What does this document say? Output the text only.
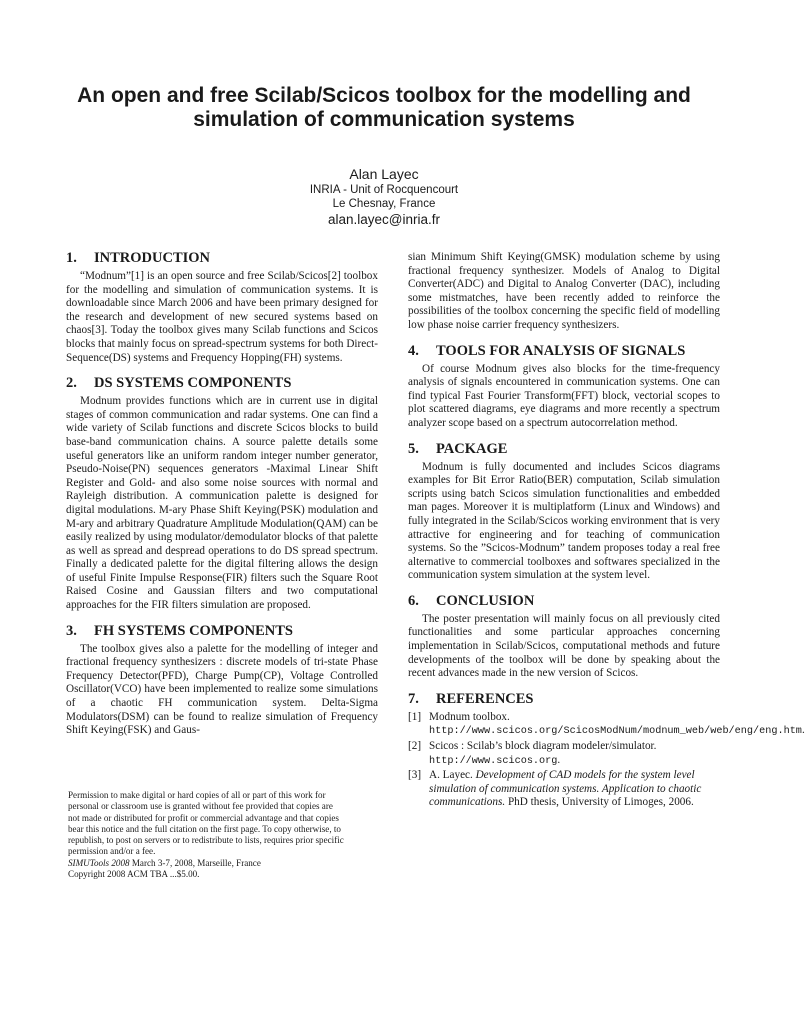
An open and free Scilab/Scicos toolbox for the modelling and simulation of communication systems
Alan Layec
INRIA - Unit of Rocquencourt
Le Chesnay, France
alan.layec@inria.fr
1. INTRODUCTION

“Modnum”[1] is an open source and free Scilab/Scicos[2] toolbox for the modelling and simulation of communication systems. It is downloadable since March 2006 and have been primary designed for the research and development of new secured systems based on chaos[3]. Today the toolbox gives many Scilab functions and Scicos blocks that mainly focus on spread-spectrum systems for both Direct-Sequence(DS) systems and Frequency Hopping(FH) systems.

2. DS SYSTEMS COMPONENTS

Modnum provides functions which are in current use in digital stages of common communication and radar systems. One can find a wide variety of Scilab functions and discrete Scicos blocks to build base-band communication chains. A source palette details some useful generators like an uniform random integer number generator, Pseudo-Noise(PN) sequences generators -Maximal Linear Shift Register and Gold- and also some noise sources with normal and Rayleigh distribution. A communication palette is designed for digital modulations. M-ary Phase Shift Keying(PSK) modulation and M-ary and arbitrary Quadrature Amplitude Modulation(QAM) can be easily realized by using modulator/demodulator blocks of that palette as well as spread and despread operations to do DS spread spectrum. Finally a dedicated palette for the digital filtering allows the design of useful Finite Impulse Response(FIR) filters such the Square Root Raised Cosine and Gaussian filters and two computational approaches for the FIR filters simulation are proposed.

3. FH SYSTEMS COMPONENTS

The toolbox gives also a palette for the modelling of integer and fractional frequency synthesizers : discrete models of tri-state Phase Frequency Detector(PFD), Charge Pump(CP), Voltage Controlled Oscillator(VCO) have been implemented to realize some simulations of a chaotic FH communication system. Delta-Sigma Modulators(DSM) can be found to realize simulation of Frequency Shift Keying(FSK) and Gaus-

Permission to make digital or hard copies of all or part of this work for
personal or classroom use is granted without fee provided that copies are
not made or distributed for profit or commercial advantage and that copies
bear this notice and the full citation on the first page. To copy otherwise, to
republish, to post on servers or to redistribute to lists, requires prior specific
permission and/or a fee.
SIMUTools 2008 March 3-7, 2008, Marseille, France
Copyright 2008 ACM TBA ...$5.00.

sian Minimum Shift Keying(GMSK) modulation scheme by using fractional frequency synthesizer. Models of Analog to Digital Converter(ADC) and Digital to Analog Converter (DAC), including some mistmatches, have been recently added to reinforce the possibilities of the toolbox concerning the specific field of modelling low phase noise carrier frequency synthesizers.

4. TOOLS FOR ANALYSIS OF SIGNALS

Of course Modnum gives also blocks for the time-frequency analysis of signals encountered in communication systems. One can find typical Fast Fourier Transform(FFT) block, vectorial scopes to plot scattered diagrams, eye diagrams and more recently a spectrum analyzer scope based on a spectrum autocorrelation method.

5. PACKAGE

Modnum is fully documented and includes Scicos diagrams examples for Bit Error Ratio(BER) computation, Scilab simulation scripts using batch Scicos simulation functionalities and embedded man pages. Moreover it is multiplatform (Linux and Windows) and fully integrated in the Scilab/Scicos working environment that is very attractive for engineering and for teaching of communication systems. So the ”Scicos-Modnum” tandem proposes today a real free alternative to commercial toolboxes and softwares specialized in the communication system simulation at the system level.

6. CONCLUSION

The poster presentation will mainly focus on all previously cited functionalities and some particular approaches concerning implementation in Scilab/Scicos, computational methods and future developments of the toolbox will be done by speaking about the recent advances made in the new version of Scicos.

7. REFERENCES
[1] Modnum toolbox. http://www.scicos.org/ScicosModNum/modnum_web/web/eng/eng.htm.
[2] Scicos : Scilab’s block diagram modeler/simulator. http://www.scicos.org.
[3] A. Layec. Development of CAD models for the system level simulation of communication systems. Application to chaotic communications. PhD thesis, University of Limoges, 2006.
